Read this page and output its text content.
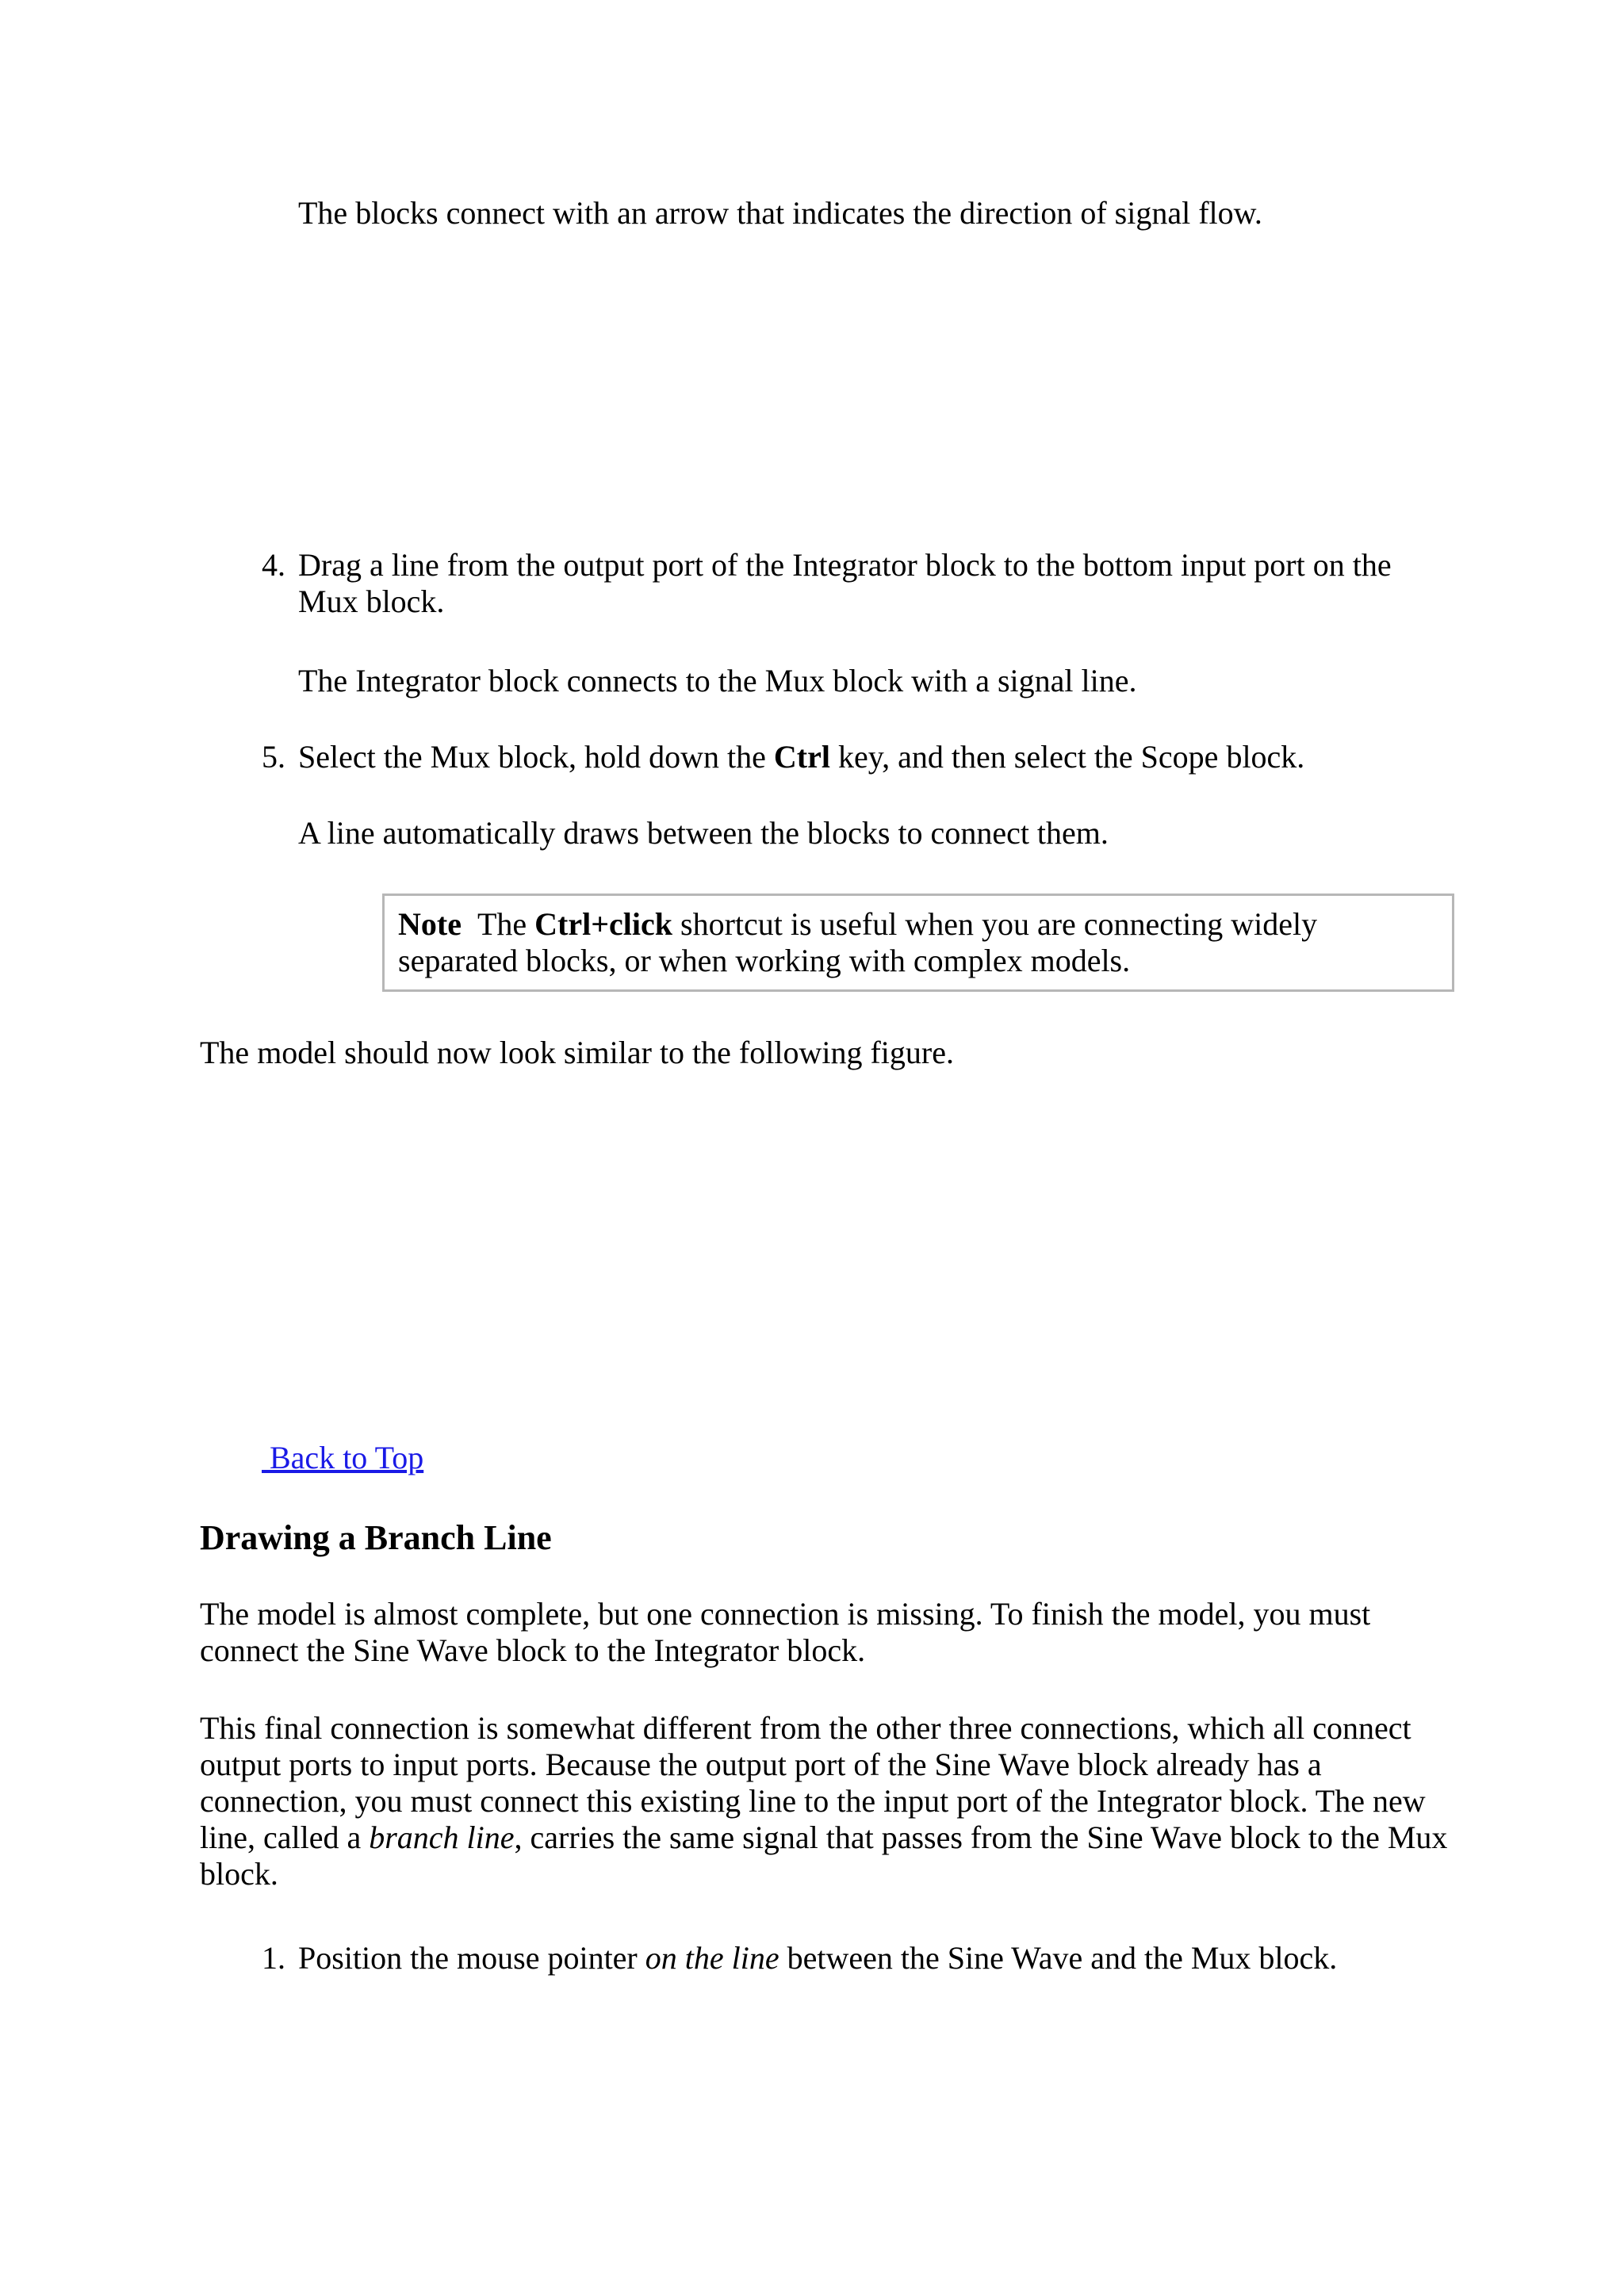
The blocks connect with an arrow that indicates the direction of signal flow.
4. Drag a line from the output port of the Integrator block to the bottom input port on the Mux block.
The Integrator block connects to the Mux block with a signal line.
5. Select the Mux block, hold down the Ctrl key, and then select the Scope block.
A line automatically draws between the blocks to connect them.
Note The Ctrl+click shortcut is useful when you are connecting widely separated blocks, or when working with complex models.
The model should now look similar to the following figure.
Back to Top
Drawing a Branch Line
The model is almost complete, but one connection is missing. To finish the model, you must connect the Sine Wave block to the Integrator block.
This final connection is somewhat different from the other three connections, which all connect output ports to input ports. Because the output port of the Sine Wave block already has a connection, you must connect this existing line to the input port of the Integrator block. The new line, called a branch line, carries the same signal that passes from the Sine Wave block to the Mux block.
1. Position the mouse pointer on the line between the Sine Wave and the Mux block.
